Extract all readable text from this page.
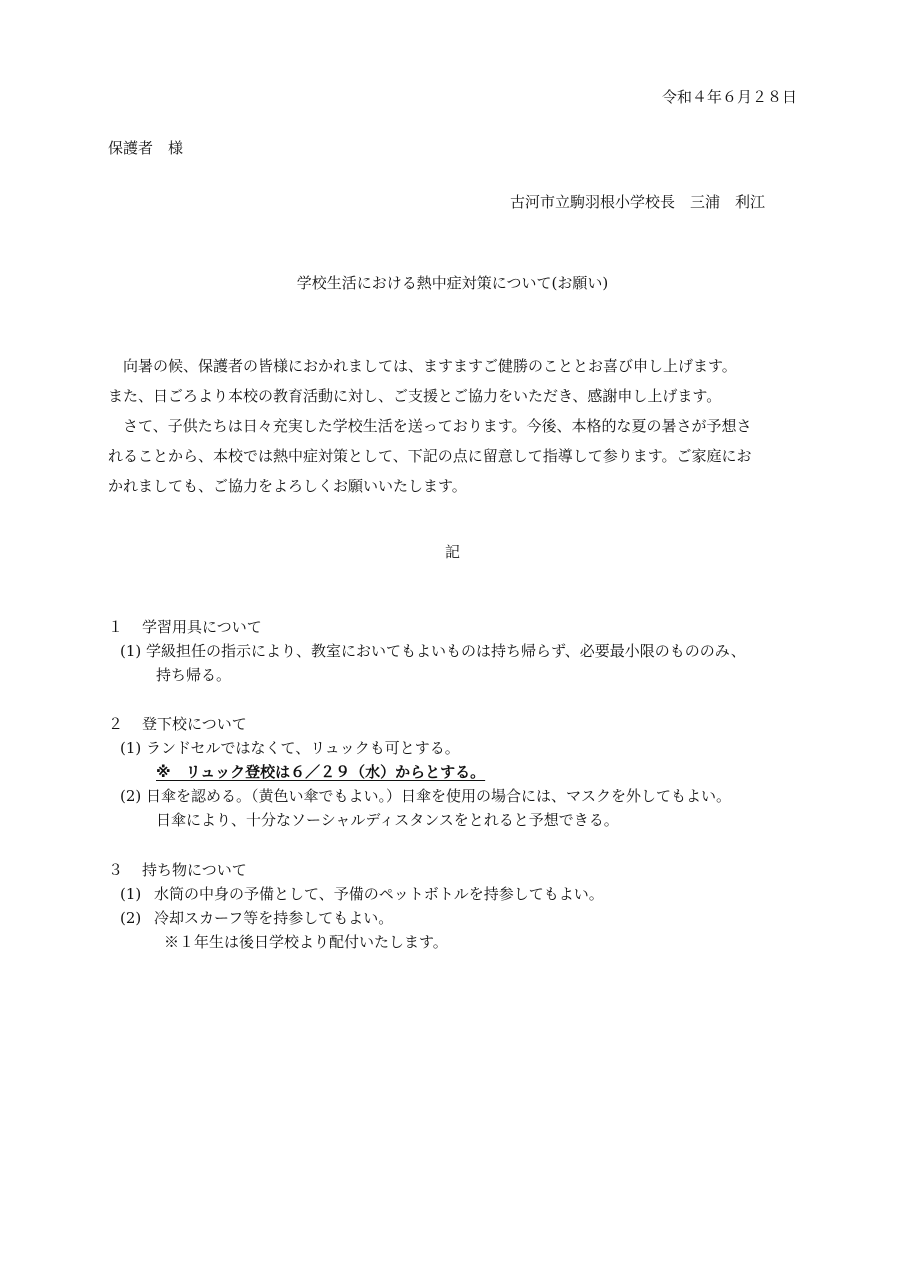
令和４年６月２８日
保護者　様
古河市立駒羽根小学校長　三浦　利江
学校生活における熱中症対策について(お願い)
　向暑の候、保護者の皆様におかれましては、ますますご健勝のこととお喜び申し上げます。
また、日ごろより本校の教育活動に対し、ご支援とご協力をいただき、感謝申し上げます。
　さて、子供たちは日々充実した学校生活を送っております。今後、本格的な夏の暑さが予想さ
れることから、本校では熱中症対策として、下記の点に留意して指導して参ります。ご家庭にお
かれましても、ご協力をよろしくお願いいたします。
記
１ 学習用具について
(1) 学級担任の指示により、教室においてもよいものは持ち帰らず、必要最小限のもののみ、
持ち帰る。
２ 登下校について
(1) ランドセルではなくて、リュックも可とする。
※　リュック登校は６／２９（水）からとする。
(2) 日傘を認める。（黄色い傘でもよい。）日傘を使用の場合には、マスクを外してもよい。
日傘により、十分なソーシャルディスタンスをとれると予想できる。
３ 持ち物について
(1) 水筒の中身の予備として、予備のペットボトルを持参してもよい。
(2) 冷却スカーフ等を持参してもよい。
※１年生は後日学校より配付いたします。
